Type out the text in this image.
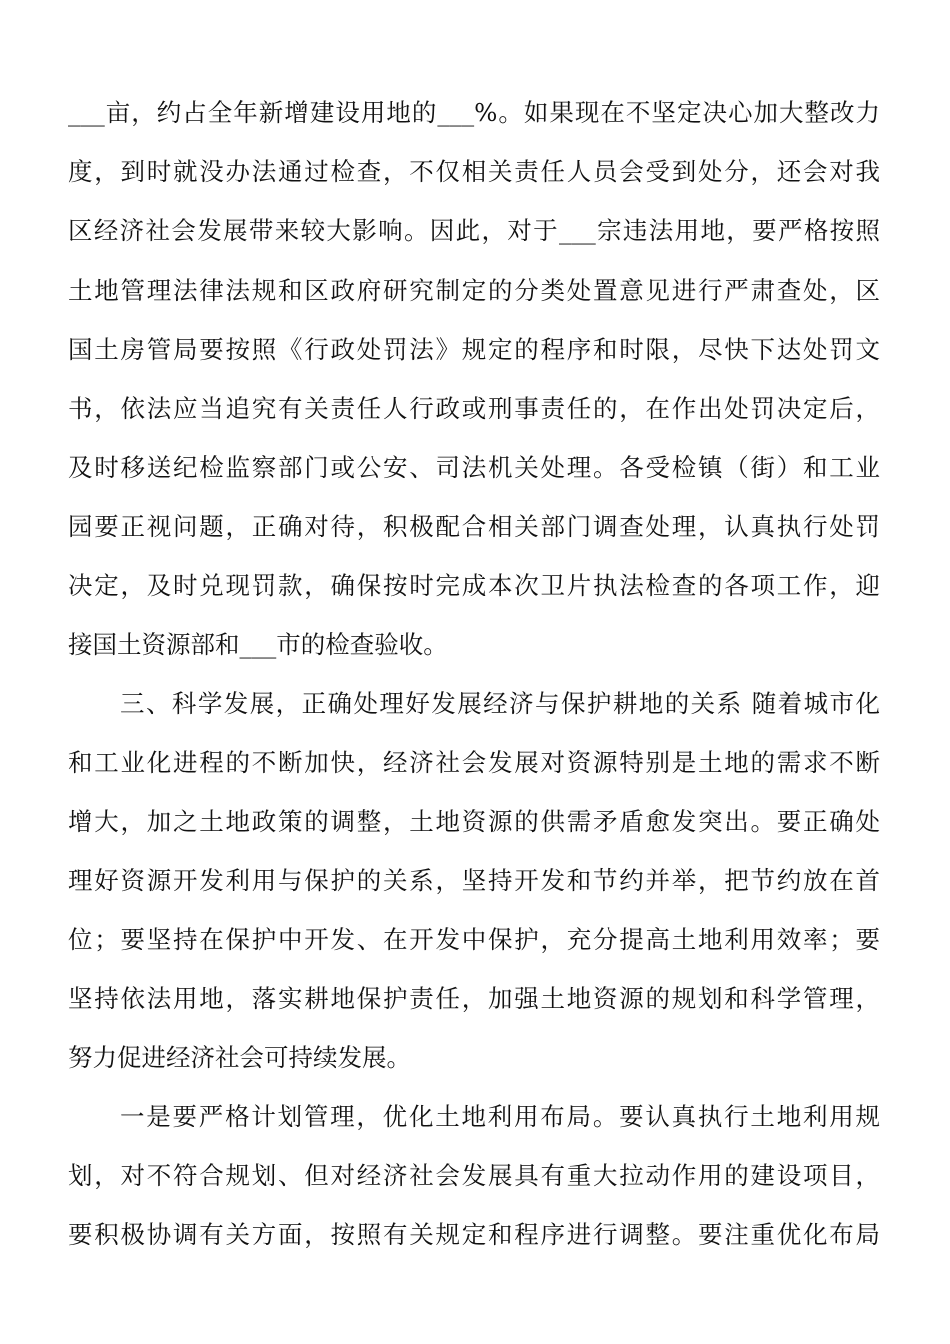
___亩，约占全年新增建设用地的___%。如果现在不坚定决心加大整改力
度，到时就没办法通过检查，不仅相关责任人员会受到处分，还会对我
区经济社会发展带来较大影响。因此，对于___宗违法用地，要严格按照
土地管理法律法规和区政府研究制定的分类处置意见进行严肃查处，区
国土房管局要按照《行政处罚法》规定的程序和时限，尽快下达处罚文
书，依法应当追究有关责任人行政或刑事责任的，在作出处罚决定后，
及时移送纪检监察部门或公安、司法机关处理。各受检镇（街）和工业
园要正视问题，正确对待，积极配合相关部门调查处理，认真执行处罚
决定，及时兑现罚款，确保按时完成本次卫片执法检查的各项工作，迎
接国土资源部和___市的检查验收。
三、科学发展，正确处理好发展经济与保护耕地的关系 随着城市化
和工业化进程的不断加快，经济社会发展对资源特别是土地的需求不断
增大，加之土地政策的调整，土地资源的供需矛盾愈发突出。要正确处
理好资源开发利用与保护的关系，坚持开发和节约并举，把节约放在首
位；要坚持在保护中开发、在开发中保护，充分提高土地利用效率；要
坚持依法用地，落实耕地保护责任，加强土地资源的规划和科学管理，
努力促进经济社会可持续发展。
一是要严格计划管理，优化土地利用布局。要认真执行土地利用规
划，对不符合规划、但对经济社会发展具有重大拉动作用的建设项目，
要积极协调有关方面，按照有关规定和程序进行调整。要注重优化布局
